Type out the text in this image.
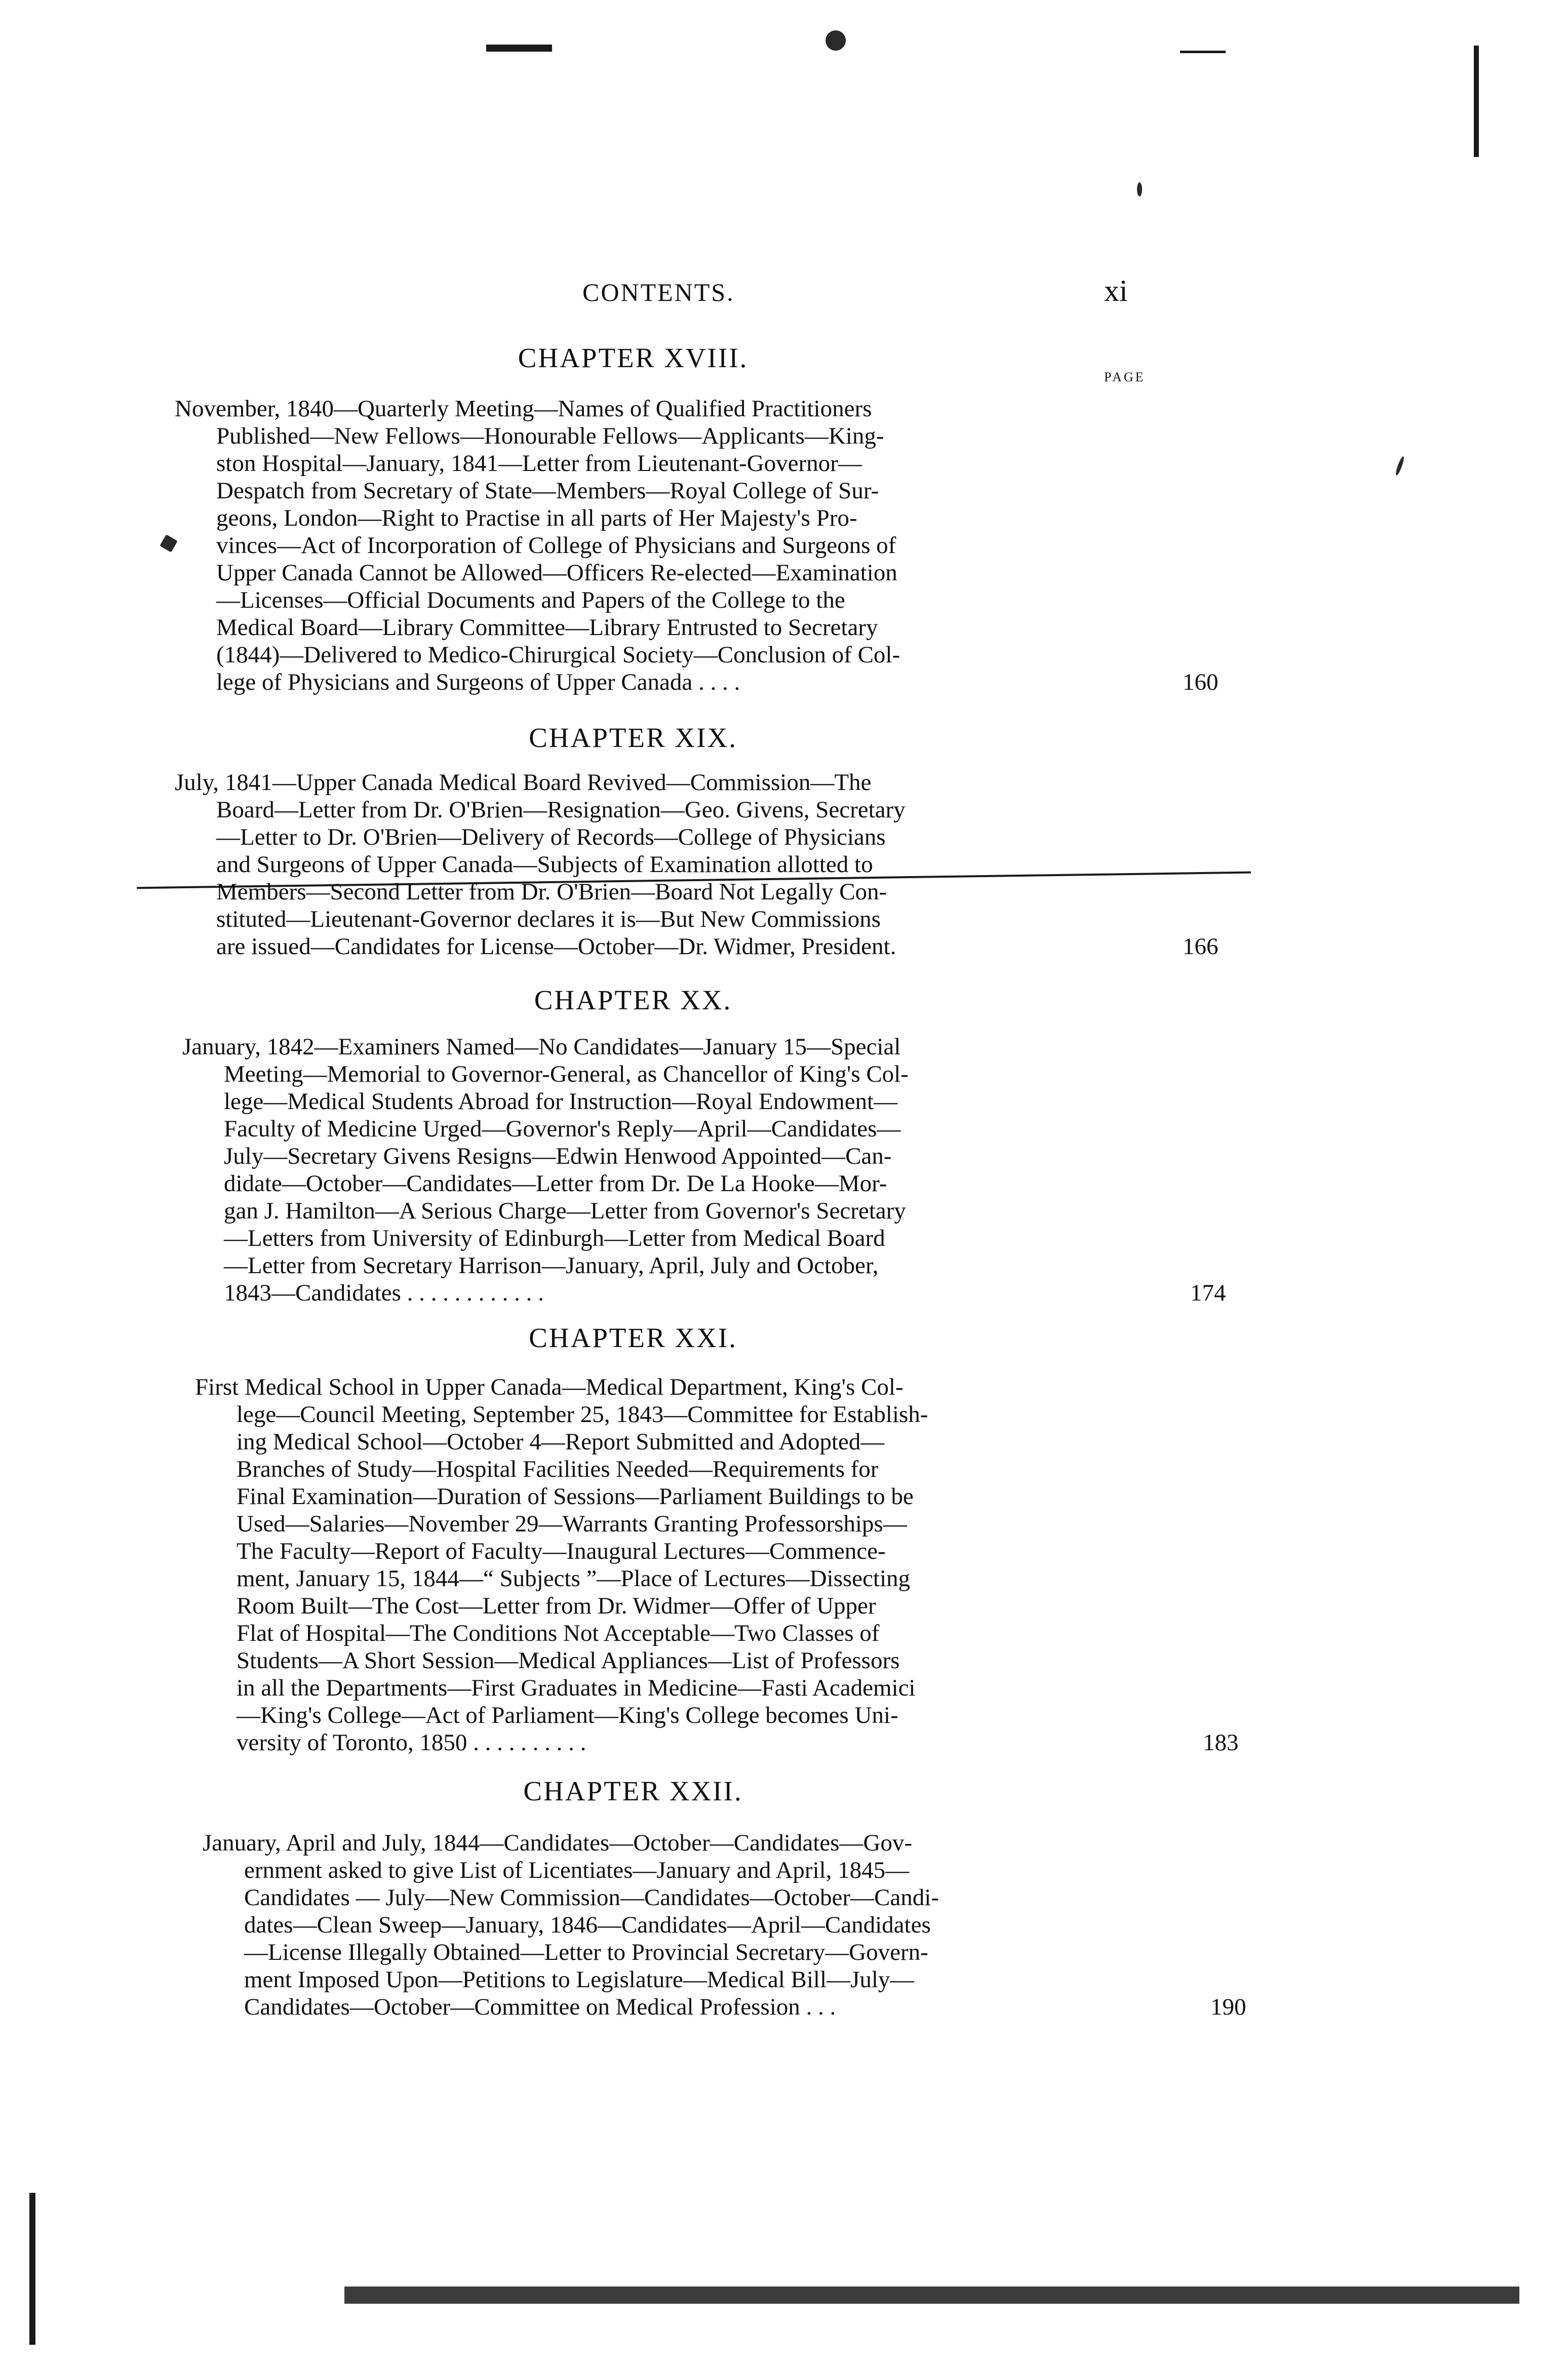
CONTENTS.	xi
PAGE
CHAPTER XVIII.
November, 1840—Quarterly Meeting—Names of Qualified Practitioners
Published—New Fellows—Honourable Fellows—Applicants—King-
ston Hospital—January, 1841—Letter from Lieutenant-Governor—
Despatch from Secretary of State—Members—Royal College of Sur-
geons, London—Right to Practise in all parts of Her Majesty's Pro-
vinces—Act of Incorporation of College of Physicians and Surgeons of
Upper Canada Cannot be Allowed—Officers Re-elected—Examination
—Licenses—Official Documents and Papers of the College to the
Medical Board—Library Committee—Library Entrusted to Secretary
(1844)—Delivered to Medico-Chirurgical Society—Conclusion of Col-
lege of Physicians and Surgeons of Upper Canada . . . .	160
CHAPTER XIX.
July, 1841—Upper Canada Medical Board Revived—Commission—The
Board—Letter from Dr. O'Brien—Resignation—Geo. Givens, Secretary
—Letter to Dr. O'Brien—Delivery of Records—College of Physicians
and Surgeons of Upper Canada—Subjects of Examination allotted to
Members—Second Letter from Dr. O'Brien—Board Not Legally Con-
stituted—Lieutenant-Governor declares it is—But New Commissions
are issued—Candidates for License—October—Dr. Widmer, President.	166
CHAPTER XX.
January, 1842—Examiners Named—No Candidates—January 15—Special
Meeting—Memorial to Governor-General, as Chancellor of King's Col-
lege—Medical Students Abroad for Instruction—Royal Endowment—
Faculty of Medicine Urged—Governor's Reply—April—Candidates—
July—Secretary Givens Resigns—Edwin Henwood Appointed—Can-
didate—October—Candidates—Letter from Dr. De La Hooke—Mor-
gan J. Hamilton—A Serious Charge—Letter from Governor's Secretary
—Letters from University of Edinburgh—Letter from Medical Board
—Letter from Secretary Harrison—January, April, July and October,
1843—Candidates . . . . . . . . . . . .	174
CHAPTER XXI.
First Medical School in Upper Canada—Medical Department, King's Col-
lege—Council Meeting, September 25, 1843—Committee for Establish-
ing Medical School—October 4—Report Submitted and Adopted—
Branches of Study—Hospital Facilities Needed—Requirements for
Final Examination—Duration of Sessions—Parliament Buildings to be
Used—Salaries—November 29—Warrants Granting Professorships—
The Faculty—Report of Faculty—Inaugural Lectures—Commence-
ment, January 15, 1844—“ Subjects ”—Place of Lectures—Dissecting
Room Built—The Cost—Letter from Dr. Widmer—Offer of Upper
Flat of Hospital—The Conditions Not Acceptable—Two Classes of
Students—A Short Session—Medical Appliances—List of Professors
in all the Departments—First Graduates in Medicine—Fasti Academici
—King's College—Act of Parliament—King's College becomes Uni-
versity of Toronto, 1850 . . . . . . . . . .	183
CHAPTER XXII.
January, April and July, 1844—Candidates—October—Candidates—Gov-
ernment asked to give List of Licentiates—January and April, 1845—
Candidates — July—New Commission—Candidates—October—Candi-
dates—Clean Sweep—January, 1846—Candidates—April—Candidates
—License Illegally Obtained—Letter to Provincial Secretary—Govern-
ment Imposed Upon—Petitions to Legislature—Medical Bill—July—
Candidates—October—Committee on Medical Profession . . .	190
